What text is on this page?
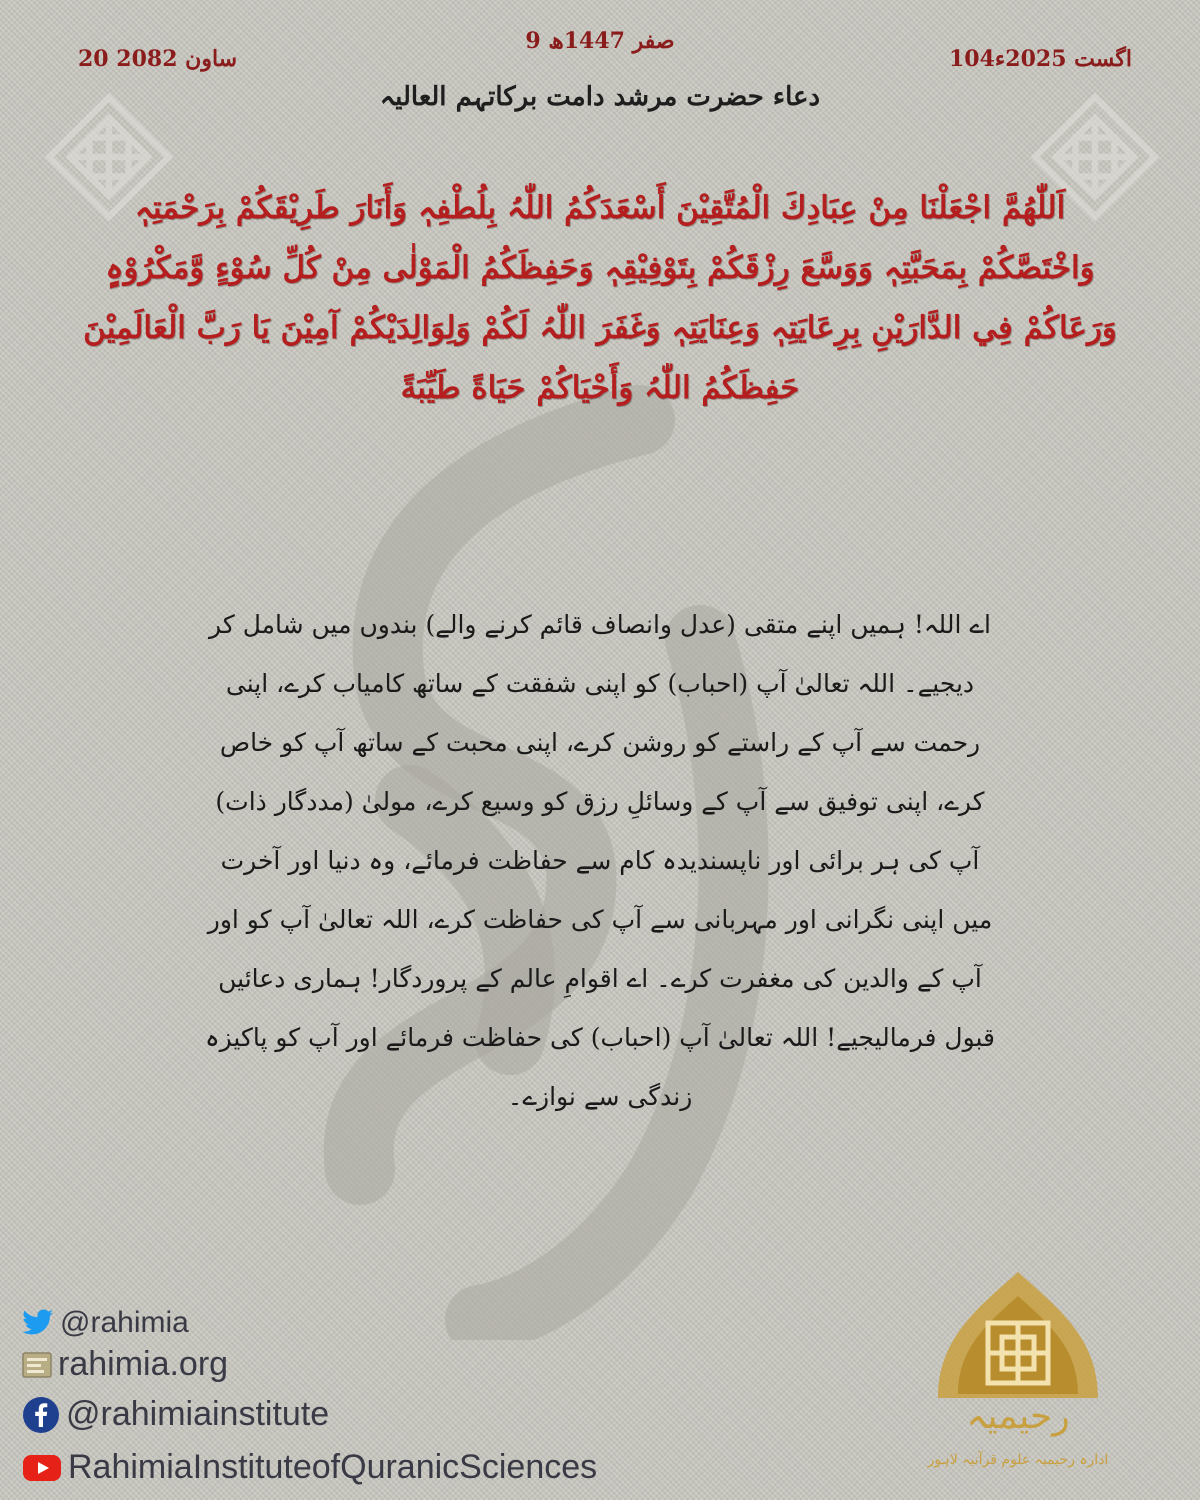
104اگست 2025ء
9 صفر 1447ھ
20 ساون 2082
دعاء حضرت مرشد دامت برکاتہم العالیہ
اَللّٰھُمَّ اجْعَلْنَا مِنْ عِبَادِكَ الْمُتَّقِيْنَ أَسْعَدَكُمُ اللّٰہُ بِلُطْفِہٖ وَأَنَارَ طَرِيْقَكُمْ بِرَحْمَتِہٖ وَاخْتَصَّكُمْ بِمَحَبَّتِہٖ وَوَسَّعَ رِزْقَكُمْ بِتَوْفِيْقِہٖ وَحَفِظَكُمُ الْمَوْلٰى مِنْ كُلِّ سُوْءٍ وَّمَكْرُوْہٍ وَرَعَاكُمْ فِي الدَّارَيْنِ بِرِعَايَتِہٖ وَعِنَايَتِہٖ وَغَفَرَ اللّٰہُ لَكُمْ وَلِوَالِدَيْكُمْ آمِيْنَ يَا رَبَّ الْعَالَمِيْنَ حَفِظَكُمُ اللّٰہُ وَأَحْيَاكُمْ حَيَاةً طَيِّبَةً
اے اللہ! ہمیں اپنے متقی (عدل وانصاف قائم کرنے والے) بندوں میں شامل کر دیجیے۔ اللہ تعالیٰ آپ (احباب) کو اپنی شفقت کے ساتھ کامیاب کرے، اپنی رحمت سے آپ کے راستے کو روشن کرے، اپنی محبت کے ساتھ آپ کو خاص کرے، اپنی توفیق سے آپ کے وسائلِ رزق کو وسیع کرے، مولیٰ (مددگار ذات) آپ کی ہر برائی اور ناپسندیدہ کام سے حفاظت فرمائے، وہ دنیا اور آخرت میں اپنی نگرانی اور مہربانی سے آپ کی حفاظت کرے، اللہ تعالیٰ آپ کو اور آپ کے والدین کی مغفرت کرے۔ اے اقوامِ عالم کے پروردگار! ہماری دعائیں قبول فرمالیجیے! اللہ تعالیٰ آپ (احباب) کی حفاظت فرمائے اور آپ کو پاکیزہ زندگی سے نوازے۔
@rahimia
rahimia.org
@rahimiainstitute
RahimiaInstituteofQuranicSciences
رحیمیہ
ادارہ رحیمیہ علوم قرآنیہ لاہور
